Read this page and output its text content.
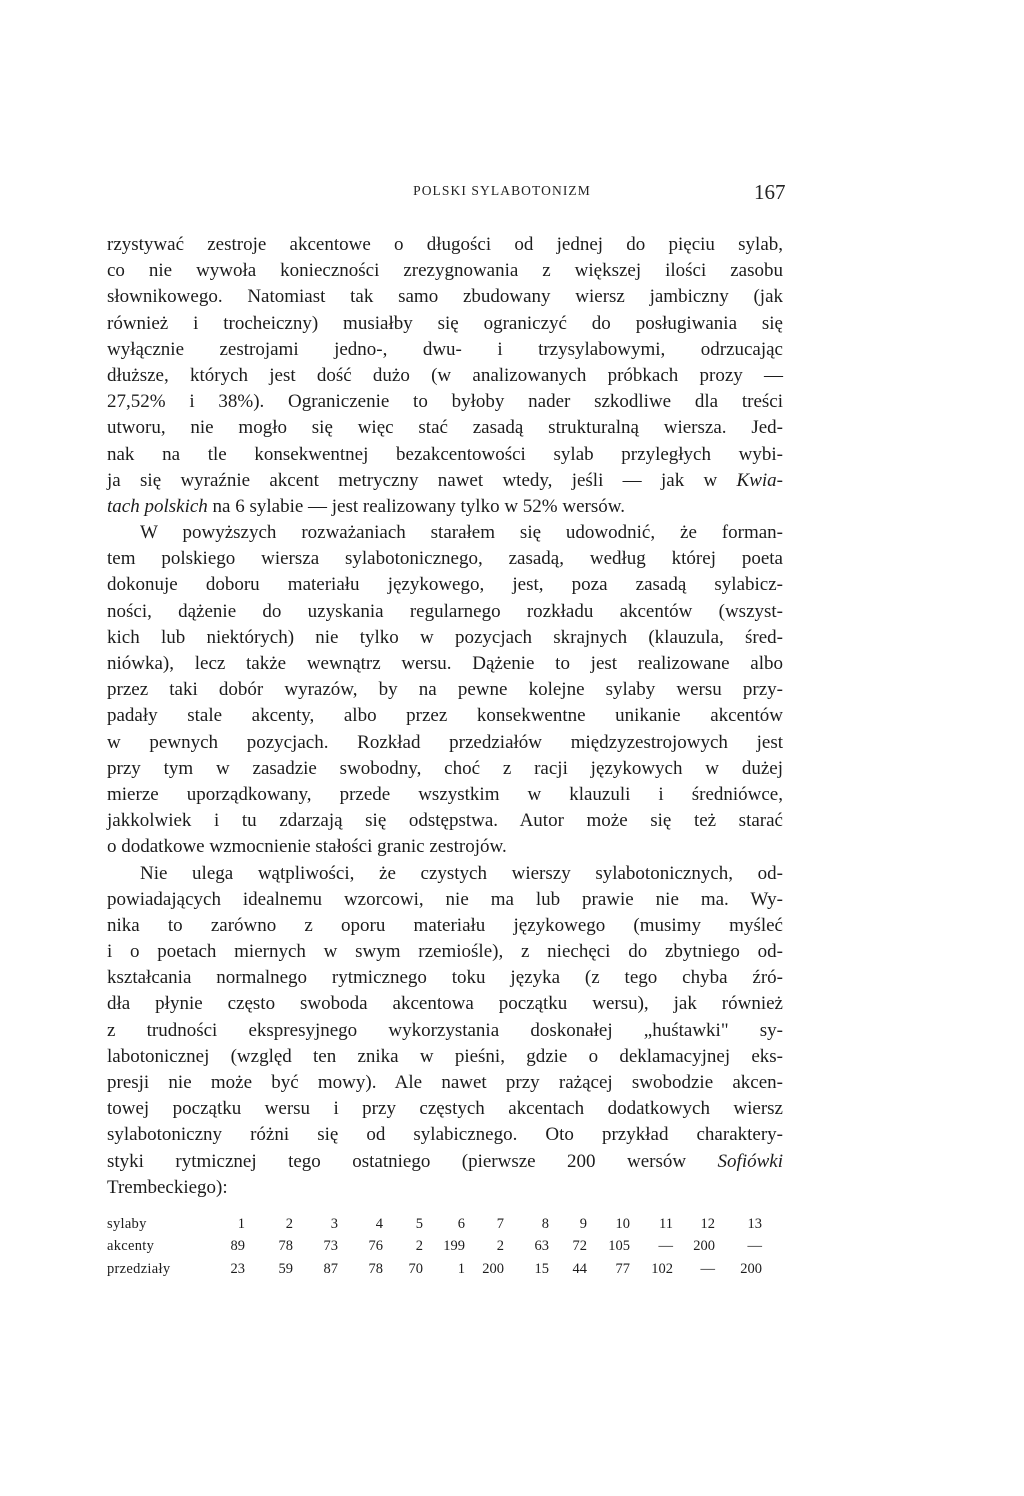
POLSKI SYLABOTONIZM	167
rzystywać zestroje akcentowe o długości od jednej do pięciu sylab,
co nie wywoła konieczności zrezygnowania z większej ilości zasobu
słownikowego. Natomiast tak samo zbudowany wiersz jambiczny (jak
również i trocheiczny) musiałby się ograniczyć do posługiwania się
wyłącznie zestrojami jedno-, dwu- i trzysylabowymi, odrzucając
dłuższe, których jest dość dużo (w analizowanych próbkach prozy —
27,52% i 38%). Ograniczenie to byłoby nader szkodliwe dla treści
utworu, nie mogło się więc stać zasadą strukturalną wiersza. Jed-
nak na tle konsekwentnej bezakcentowości sylab przyległych wybi-
ja się wyraźnie akcent metryczny nawet wtedy, jeśli — jak w Kwia-
tach polskich na 6 sylabie — jest realizowany tylko w 52% wersów.
W powyższych rozważaniach starałem się udowodnić, że forman-
tem polskiego wiersza sylabotonicznego, zasadą, według której poeta
dokonuje doboru materiału językowego, jest, poza zasadą sylabicz-
ności, dążenie do uzyskania regularnego rozkładu akcentów (wszyst-
kich lub niektórych) nie tylko w pozycjach skrajnych (klauzula, śred-
niówka), lecz także wewnątrz wersu. Dążenie to jest realizowane albo
przez taki dobór wyrazów, by na pewne kolejne sylaby wersu przy-
padały stale akcenty, albo przez konsekwentne unikanie akcentów
w pewnych pozycjach. Rozkład przedziałów międzyzestrojowych jest
przy tym w zasadzie swobodny, choć z racji językowych w dużej
mierze uporządkowany, przede wszystkim w klauzuli i średniówce,
jakkolwiek i tu zdarzają się odstępstwa. Autor może się też starać
o dodatkowe wzmocnienie stałości granic zestrojów.
Nie ulega wątpliwości, że czystych wierszy sylabotonicznych, od-
powiadających idealnemu wzorcowi, nie ma lub prawie nie ma. Wy-
nika to zarówno z oporu materiału językowego (musimy myśleć
i o poetach miernych w swym rzemiośle), z niechęci do zbytniego od-
kształcania normalnego rytmicznego toku języka (z tego chyba źró-
dła płynie często swoboda akcentowa początku wersu), jak również
z trudności ekspresyjnego wykorzystania doskonałej „huśtawki" sy-
labotonicznej (względ ten znika w pieśni, gdzie o deklamacyjnej eks-
presji nie może być mowy). Ale nawet przy rażącej swobodzie akcen-
towej początku wersu i przy częstych akcentach dodatkowych wiersz
sylabotoniczny różni się od sylabicznego. Oto przykład charaktery-
styki rytmicznej tego ostatniego (pierwsze 200 wersów Sofiówki
Trembeckiego):
sylaby	1	2	3	4	5	6	7	8	9	10	11	12	13
akcenty	89	78	73	76	2	199	2	63	72	105	—	200	—
przedziały	23	59	87	78	70	1	200	15	44	77	102	—	200
